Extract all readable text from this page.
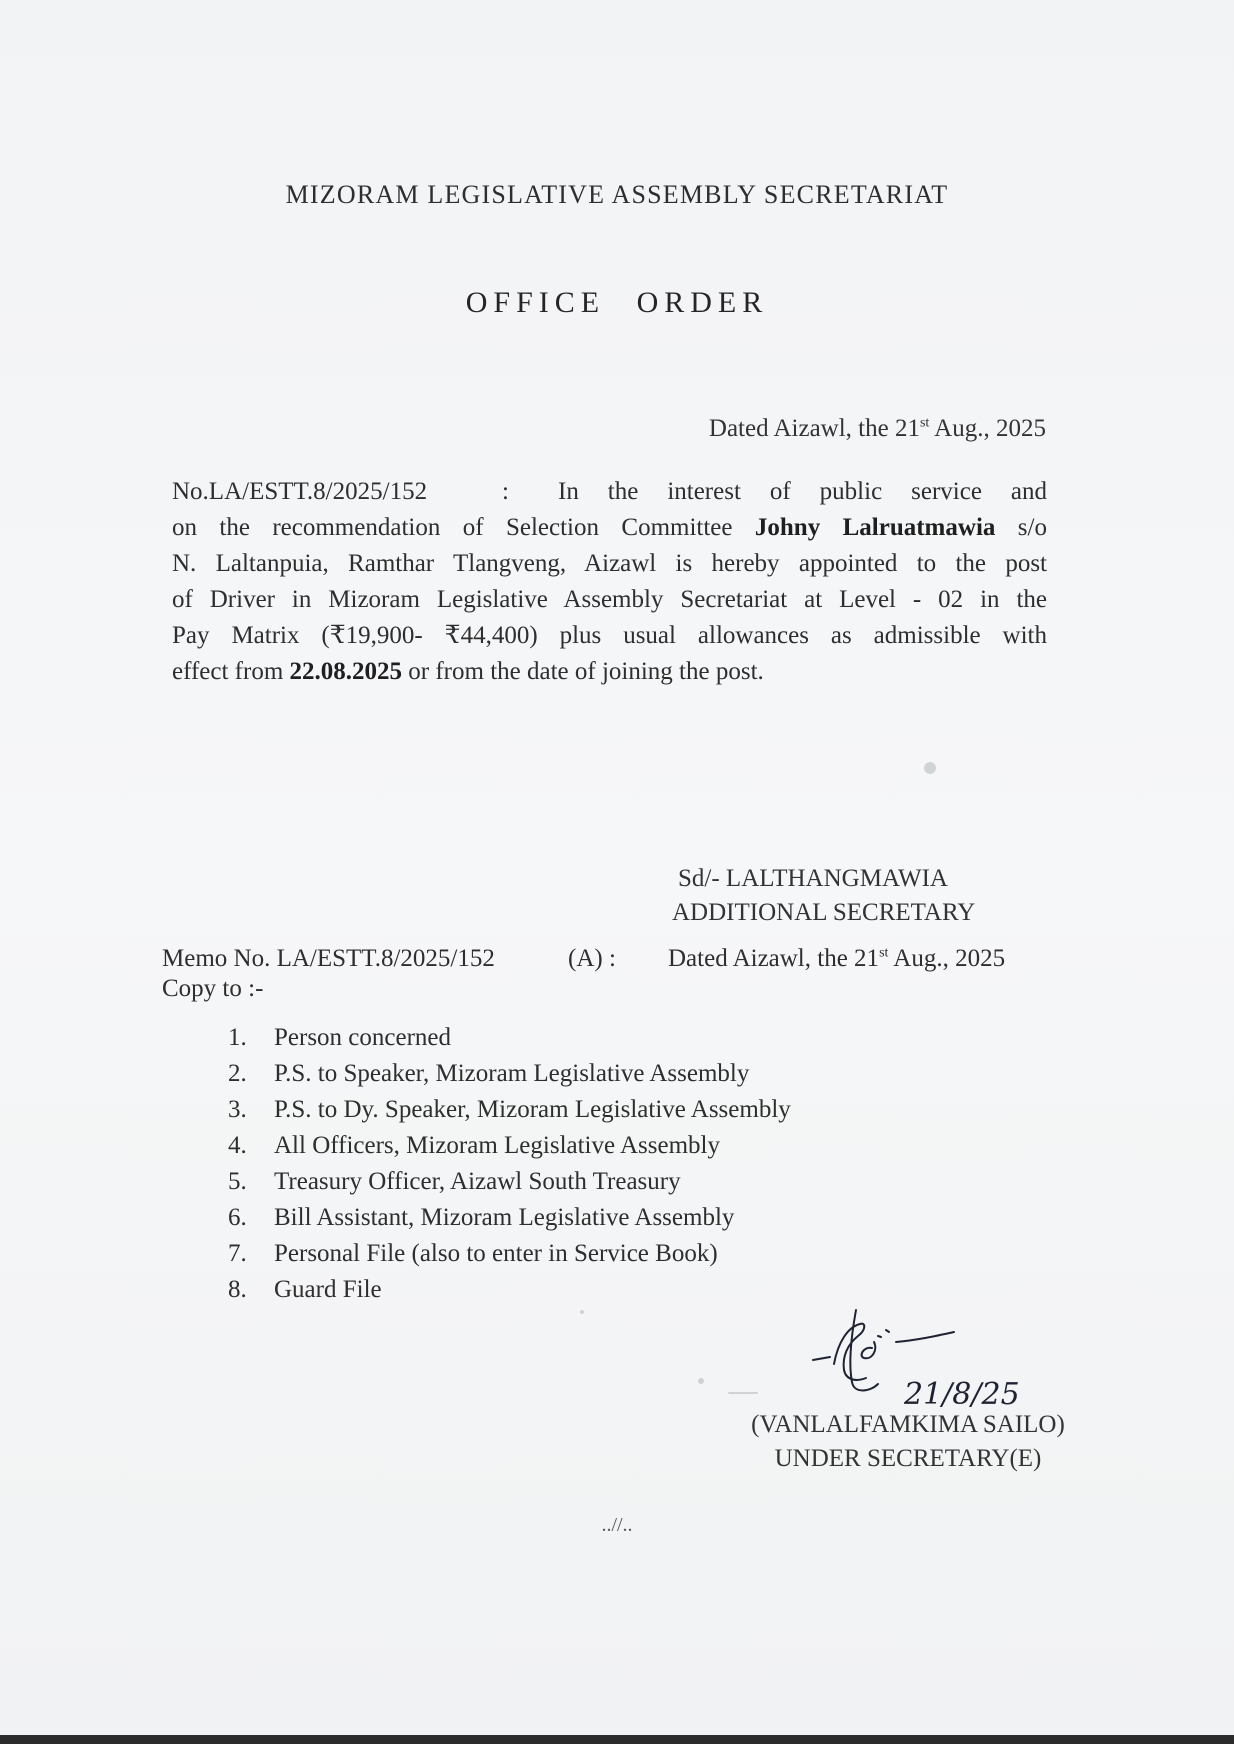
MIZORAM LEGISLATIVE ASSEMBLY SECRETARIAT
OFFICE ORDER
Dated Aizawl, the 21st Aug., 2025
No.LA/ESTT.8/2025/152	: In the interest of public service and
on the recommendation of Selection Committee Johny Lalruatmawia s/o
N. Laltanpuia, Ramthar Tlangveng, Aizawl is hereby appointed to the post
of Driver in Mizoram Legislative Assembly Secretariat at Level - 02 in the
Pay Matrix (₹19,900- ₹44,400) plus usual allowances as admissible with
effect from 22.08.2025 or from the date of joining the post.
Sd/- LALTHANGMAWIA
ADDITIONAL SECRETARY
Memo No. LA/ESTT.8/2025/152	(A) : Dated Aizawl, the 21st Aug., 2025
Copy to :-
1. Person concerned
2. P.S. to Speaker, Mizoram Legislative Assembly
3. P.S. to Dy. Speaker, Mizoram Legislative Assembly
4. All Officers, Mizoram Legislative Assembly
5. Treasury Officer, Aizawl South Treasury
6. Bill Assistant, Mizoram Legislative Assembly
7. Personal File (also to enter in Service Book)
8. Guard File
21/8/25
(VANLALFAMKIMA SAILO)
UNDER SECRETARY(E)
..//..
